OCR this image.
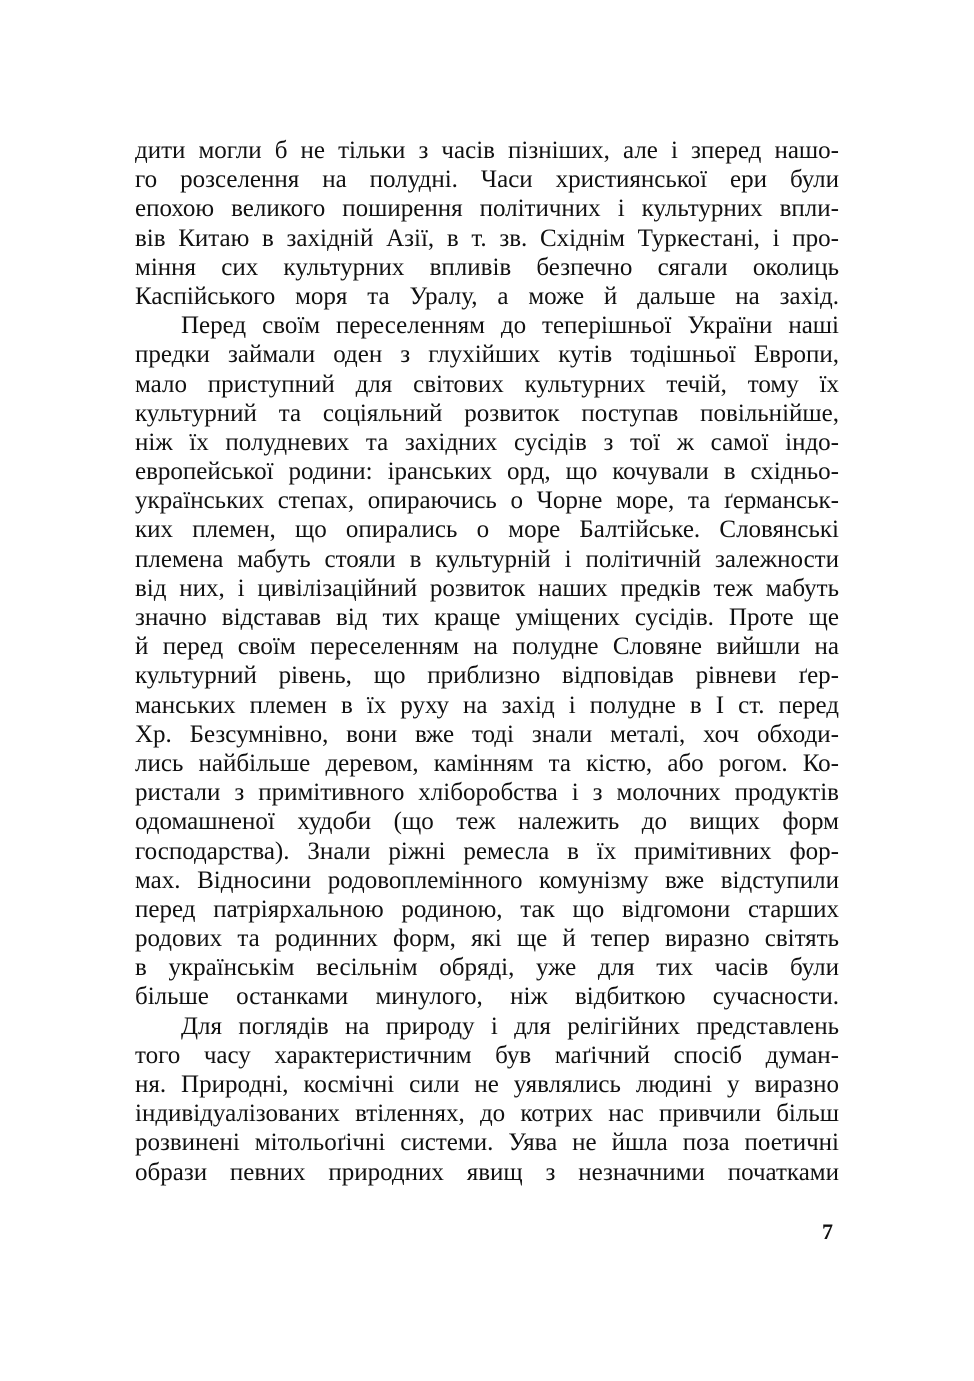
дити могли б не тільки з часів пізніших, але і зперед нашо-
го розселення на полудні. Часи християнської ери були
епохою великого поширення політичних і культурних впли-
вів Китаю в західній Азії, в т. зв. Східнім Туркестані, і про-
міння сих культурних впливів безпечно сягали околиць
Каспійського моря та Уралу, а може й дальше на захід.
Перед своїм переселенням до теперішньої України наші
предки займали оден з глухійших кутів тодішньої Европи,
мало приступний для світових культурних течій, тому їх
культурний та соціяльний розвиток поступав повільнійше,
ніж їх полудневих та західних сусідів з тої ж самої індо-
европейської родини: іранських орд, що кочували в східньо-
українських степах, опираючись о Чорне море, та ґерманськ-
ких племен, що опирались о море Балтійське. Словянські
племена мабуть стояли в культурній і політичній залежности
від них, і цивілізаційний розвиток наших предків теж мабуть
значно відставав від тих краще уміщених сусідів. Проте ще
й перед своїм переселенням на полудне Словяне вийшли на
культурний рівень, що приблизно відповідав рівневи ґер-
манських племен в їх руху на захід і полудне в І ст. перед
Хр. Безсумнівно, вони вже тоді знали металі, хоч обходи-
лись найбільше деревом, камінням та кістю, або рогом. Ко-
ристали з примітивного хліборобства і з молочних продуктів
одомашненої худоби (що теж належить до вищих форм
господарства). Знали ріжні ремесла в їх примітивних фор-
мах. Відносини родовоплемінного комунізму вже відступили
перед патріярхальною родиною, так що відгомони старших
родових та родинних форм, які ще й тепер виразно світять
в українськім весільнім обряді, уже для тих часів були
більше останками минулого, ніж відбиткою сучасности.
Для поглядів на природу і для релігійних представлень
того часу характеристичним був маґічний спосіб думан-
ня. Природні, космічні сили не уявлялись людині у виразно
індивідуалізованих втіленнях, до котрих нас привчили більш
розвинені мітольоґічні системи. Уява не йшла поза поетичні
образи певних природних явищ з незначними початками
7
